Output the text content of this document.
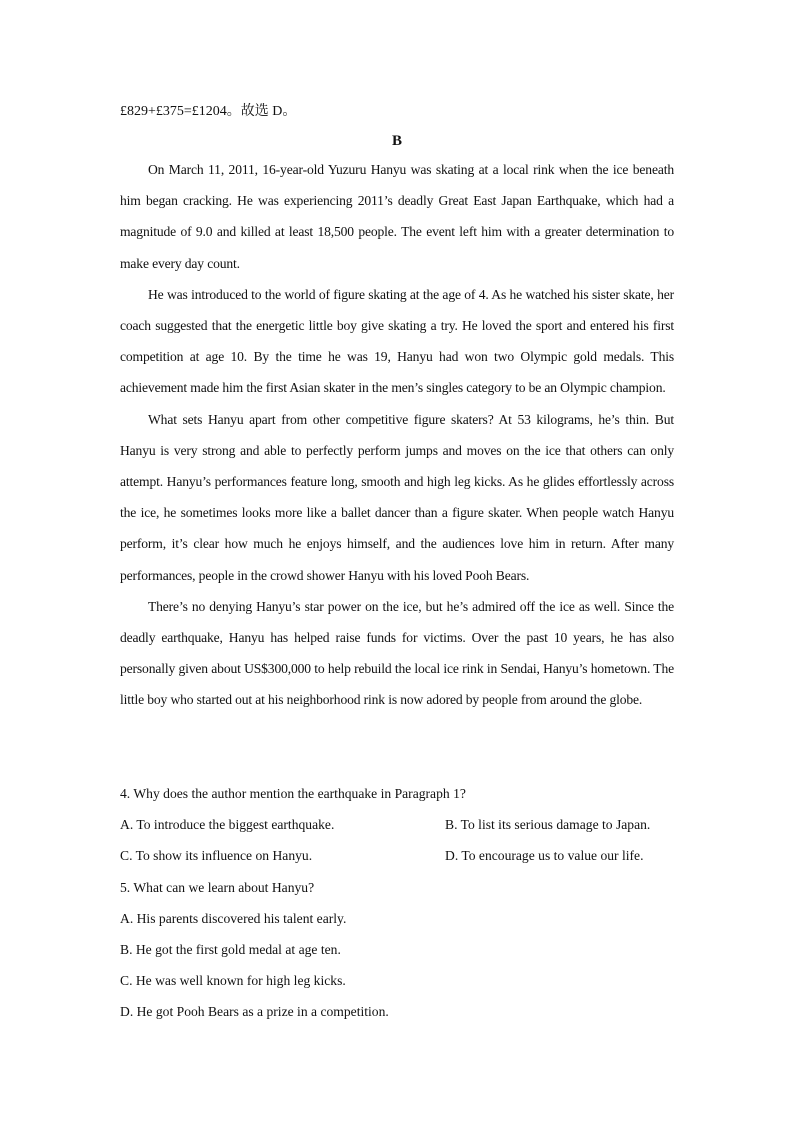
£829+£375=£1204。故选 D。
B

On March 11, 2011, 16-year-old Yuzuru Hanyu was skating at a local rink when the ice beneath him began cracking. He was experiencing 2011’s deadly Great East Japan Earthquake, which had a magnitude of 9.0 and killed at least 18,500 people. The event left him with a greater determination to make every day count.

He was introduced to the world of figure skating at the age of 4. As he watched his sister skate, her coach suggested that the energetic little boy give skating a try. He loved the sport and entered his first competition at age 10. By the time he was 19, Hanyu had won two Olympic gold medals. This achievement made him the first Asian skater in the men’s singles category to be an Olympic champion.

What sets Hanyu apart from other competitive figure skaters? At 53 kilograms, he’s thin. But Hanyu is very strong and able to perfectly perform jumps and moves on the ice that others can only attempt. Hanyu’s performances feature long, smooth and high leg kicks. As he glides effortlessly across the ice, he sometimes looks more like a ballet dancer than a figure skater. When people watch Hanyu perform, it’s clear how much he enjoys himself, and the audiences love him in return. After many performances, people in the crowd shower Hanyu with his loved Pooh Bears.

There’s no denying Hanyu’s star power on the ice, but he’s admired off the ice as well. Since the deadly earthquake, Hanyu has helped raise funds for victims. Over the past 10 years, he has also personally given about US$300,000 to help rebuild the local ice rink in Sendai, Hanyu’s hometown. The little boy who started out at his neighborhood rink is now adored by people from around the globe.

4. Why does the author mention the earthquake in Paragraph 1?
A. To introduce the biggest earthquake.	B. To list its serious damage to Japan.
C. To show its influence on Hanyu.	D. To encourage us to value our life.
5. What can we learn about Hanyu?
A. His parents discovered his talent early.
B. He got the first gold medal at age ten.
C. He was well known for high leg kicks.
D. He got Pooh Bears as a prize in a competition.
